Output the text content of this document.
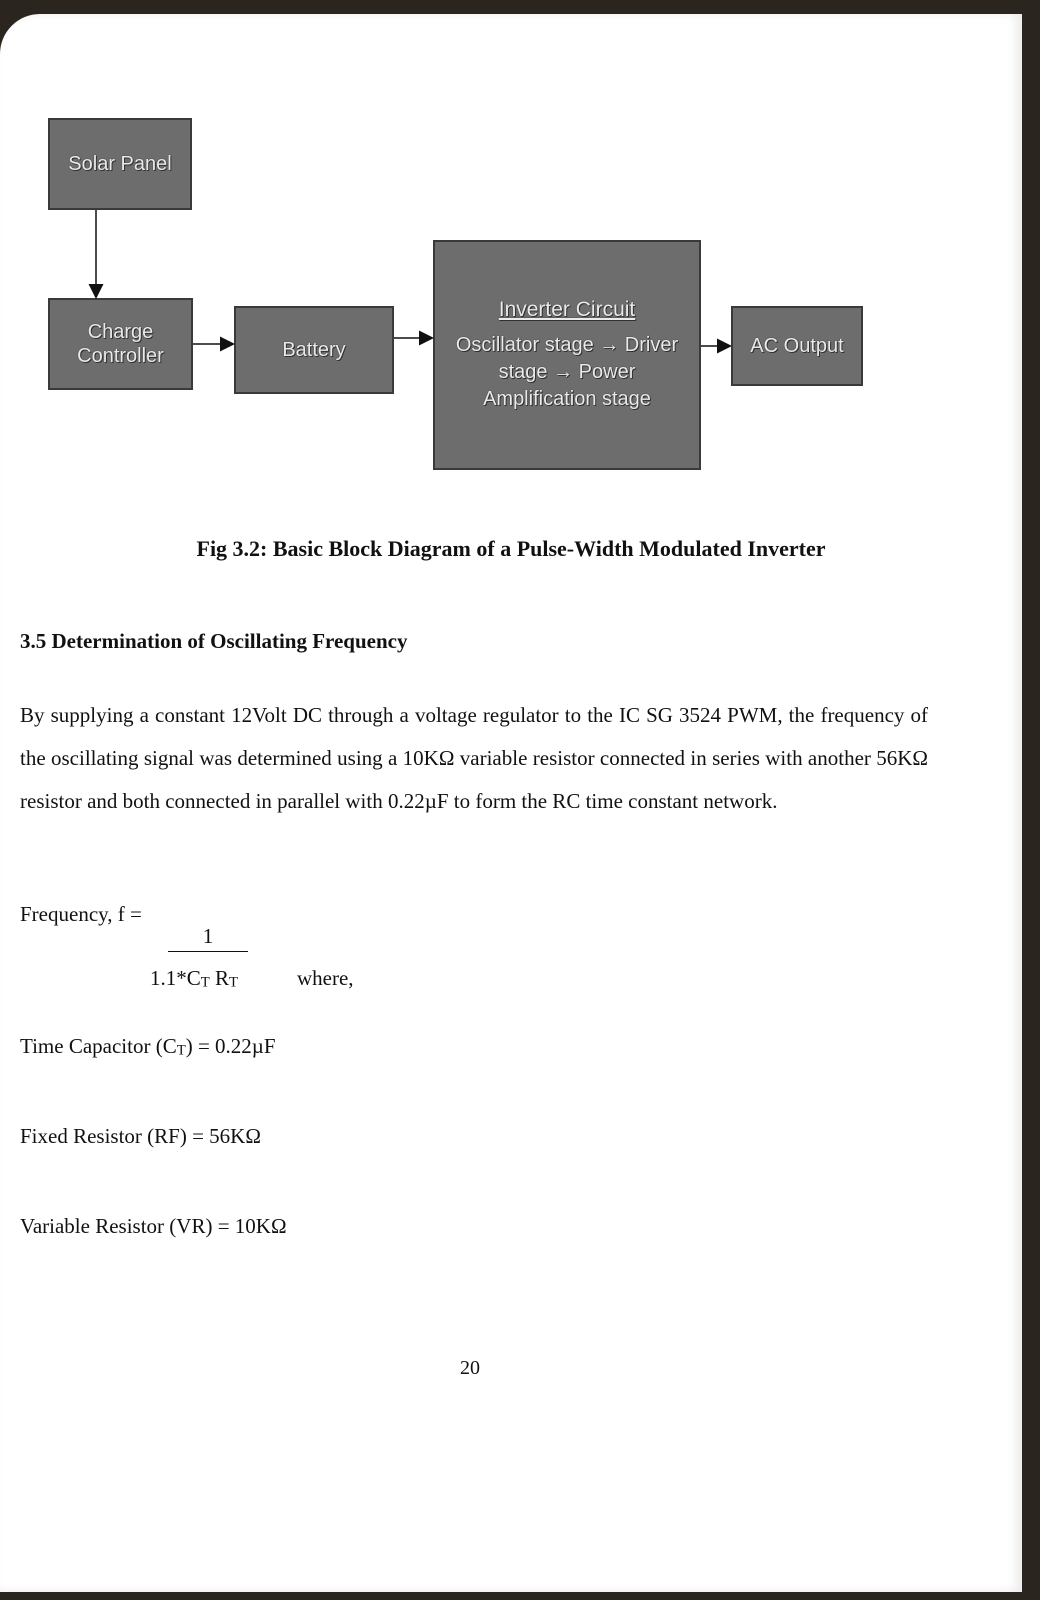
Solar Panel
Charge
Controller	Battery
Inverter Circuit
Oscillator stage → Driver
stage → Power
Amplification stage
AC Output
Fig 3.2: Basic Block Diagram of a Pulse-Width Modulated Inverter
3.5 Determination of Oscillating Frequency
By supplying a constant 12Volt DC through a voltage regulator to the IC SG 3524 PWM, the frequency of the oscillating signal was determined using a 10KΩ variable resistor connected in series with another 56KΩ resistor and both connected in parallel with 0.22µF to form the RC time constant network.
Frequency, f =
1
$1.1*C_T$ $R_T$	where,
Time Capacitor $(C_T) = 0.22\mu F$
Fixed Resistor (RF) = 56KΩ
Variable Resistor (VR) = 10KΩ
20
